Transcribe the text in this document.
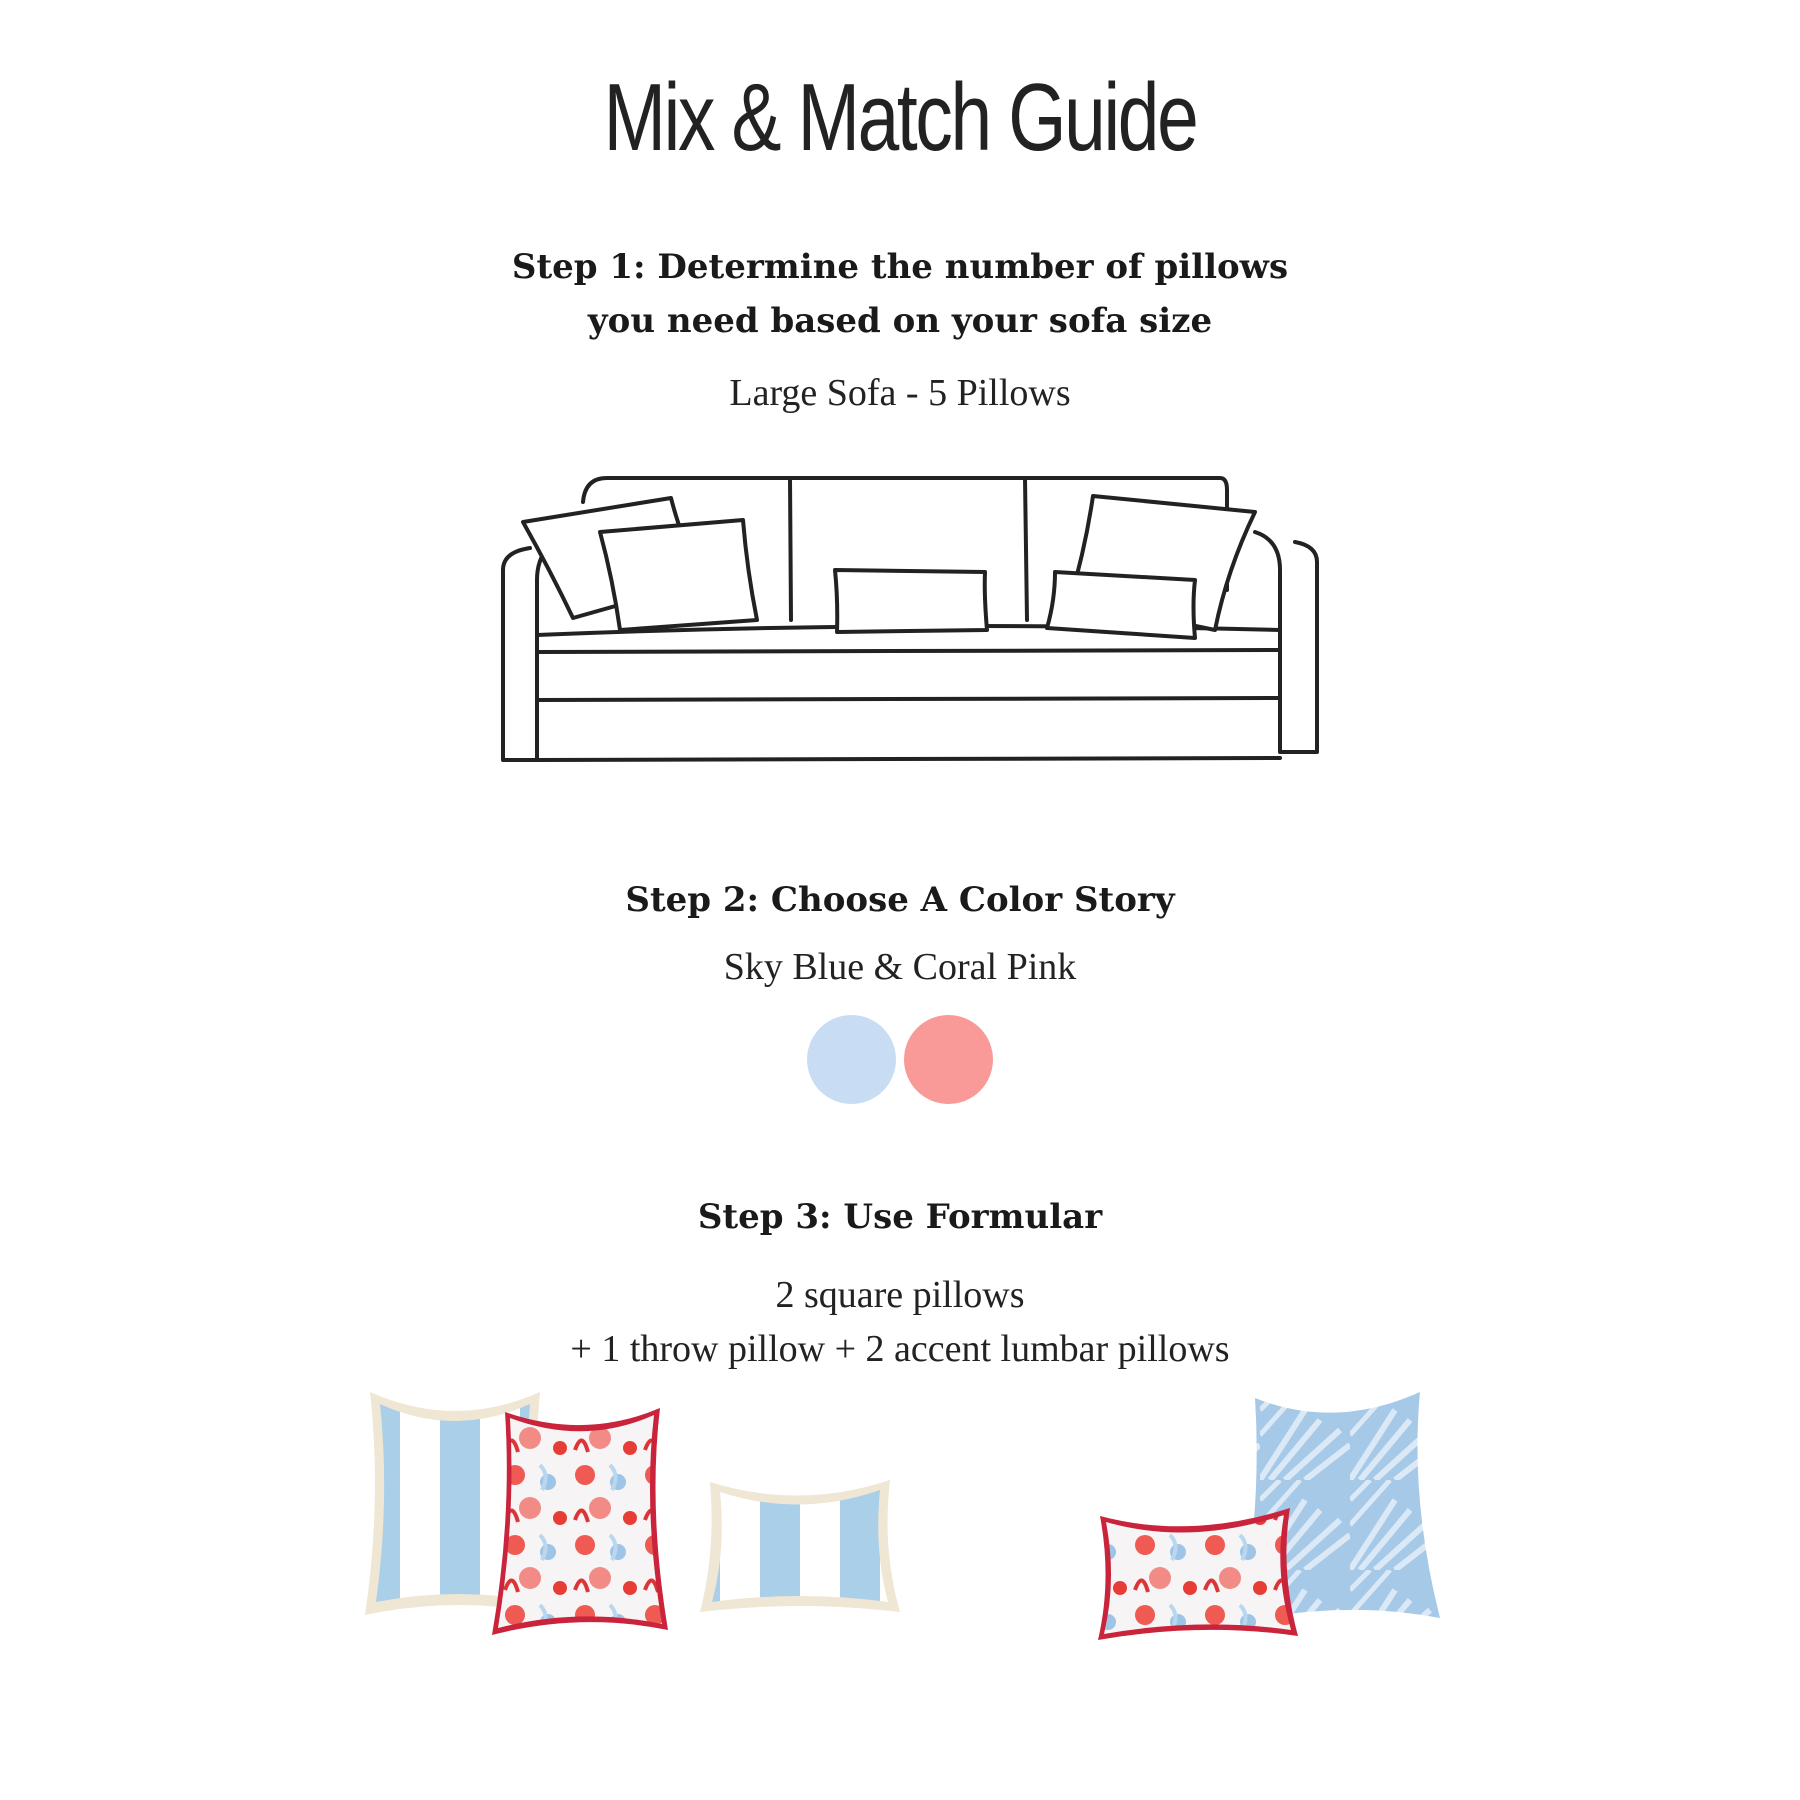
Mix & Match Guide
Step 1: Determine the number of pillows
you need based on your sofa size
Large Sofa - 5 Pillows
Step 2: Choose A Color Story
Sky Blue & Coral Pink
Step 3: Use Formular
2 square pillows
+ 1 throw pillow + 2 accent lumbar pillows
